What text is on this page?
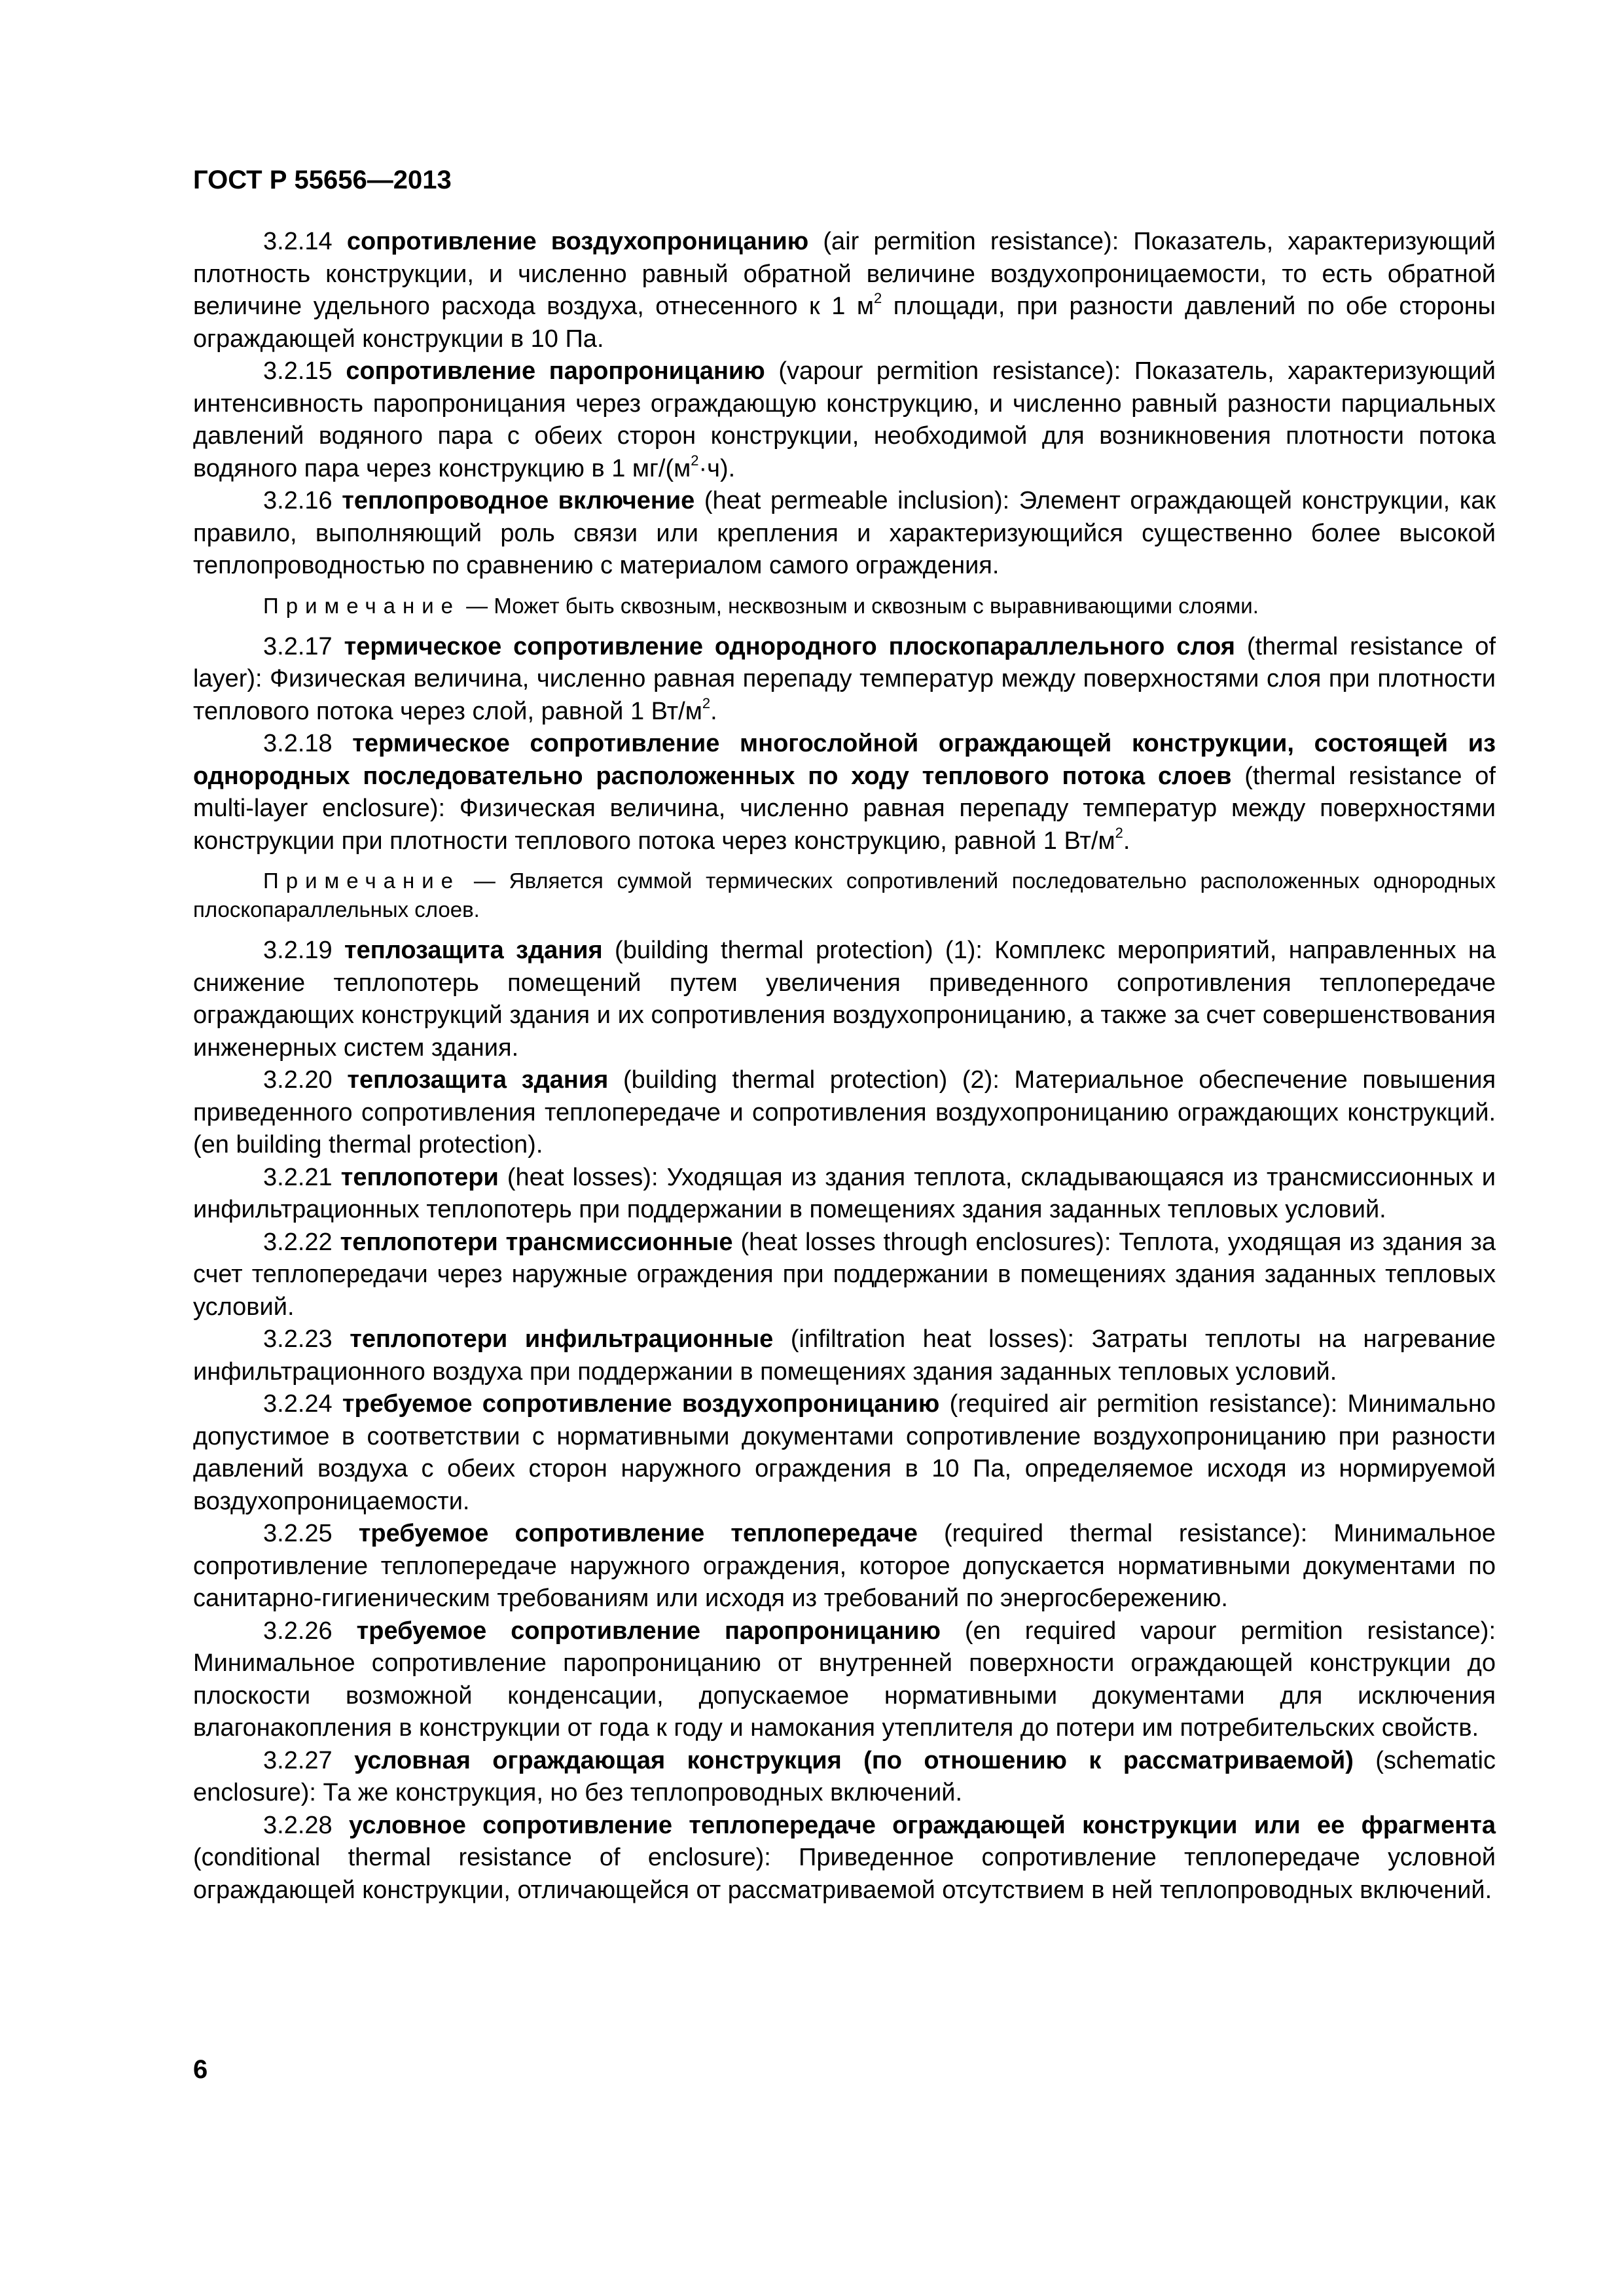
ГОСТ Р 55656—2013

3.2.14 сопротивление воздухопроницанию (air permition resistance): Показатель, характеризующий плотность конструкции, и численно равный обратной величине воздухопроницаемости, то есть обратной величине удельного расхода воздуха, отнесенного к 1 $м^2$ площади, при разности давлений по обе стороны ограждающей конструкции в 10 Па.

3.2.15 сопротивление паропроницанию (vapour permition resistance): Показатель, характеризующий интенсивность паропроницания через ограждающую конструкцию, и численно равный разности парциальных давлений водяного пара с обеих сторон конструкции, необходимой для возникновения плотности потока водяного пара через конструкцию в 1 $мг/(м^2\cdot ч)$.

3.2.16 теплопроводное включение (heat permeable inclusion): Элемент ограждающей конструкции, как правило, выполняющий роль связи или крепления и характеризующийся существенно более высокой теплопроводностью по сравнению с материалом самого ограждения.

Примечание — Может быть сквозным, несквозным и сквозным с выравнивающими слоями.

3.2.17 термическое сопротивление однородного плоскопараллельного слоя (thermal resistance of layer): Физическая величина, численно равная перепаду температур между поверхностями слоя при плотности теплового потока через слой, равной 1 $Вт/м^2$.

3.2.18 термическое сопротивление многослойной ограждающей конструкции, состоящей из однородных последовательно расположенных по ходу теплового потока слоев (thermal resistance of multi-layer enclosure): Физическая величина, численно равная перепаду температур между поверхностями конструкции при плотности теплового потока через конструкцию, равной 1 $Вт/м^2$.

Примечание — Является суммой термических сопротивлений последовательно расположенных однородных плоскопараллельных слоев.

3.2.19 теплозащита здания (building thermal protection) (1): Комплекс мероприятий, направленных на снижение теплопотерь помещений путем увеличения приведенного сопротивления теплопередаче ограждающих конструкций здания и их сопротивления воздухопроницанию, а также за счет совершенствования инженерных систем здания.

3.2.20 теплозащита здания (building thermal protection) (2): Материальное обеспечение повышения приведенного сопротивления теплопередаче и сопротивления воздухопроницанию ограждающих конструкций. (en building thermal protection).

3.2.21 теплопотери (heat losses): Уходящая из здания теплота, складывающаяся из трансмиссионных и инфильтрационных теплопотерь при поддержании в помещениях здания заданных тепловых условий.

3.2.22 теплопотери трансмиссионные (heat losses through enclosures): Теплота, уходящая из здания за счет теплопередачи через наружные ограждения при поддержании в помещениях здания заданных тепловых условий.

3.2.23 теплопотери инфильтрационные (infiltration heat losses): Затраты теплоты на нагревание инфильтрационного воздуха при поддержании в помещениях здания заданных тепловых условий.

3.2.24 требуемое сопротивление воздухопроницанию (required air permition resistance): Минимально допустимое в соответствии с нормативными документами сопротивление воздухопроницанию при разности давлений воздуха с обеих сторон наружного ограждения в 10 Па, определяемое исходя из нормируемой воздухопроницаемости.

3.2.25 требуемое сопротивление теплопередаче (required thermal resistance): Минимальное сопротивление теплопередаче наружного ограждения, которое допускается нормативными документами по санитарно-гигиеническим требованиям или исходя из требований по энергосбережению.

3.2.26 требуемое сопротивление паропроницанию (en required vapour permition resistance): Минимальное сопротивление паропроницанию от внутренней поверхности ограждающей конструкции до плоскости возможной конденсации, допускаемое нормативными документами для исключения влагонакопления в конструкции от года к году и намокания утеплителя до потери им потребительских свойств.

3.2.27 условная ограждающая конструкция (по отношению к рассматриваемой) (schematic enclosure): Та же конструкция, но без теплопроводных включений.

3.2.28 условное сопротивление теплопередаче ограждающей конструкции или ее фрагмента (conditional thermal resistance of enclosure): Приведенное сопротивление теплопередаче условной ограждающей конструкции, отличающейся от рассматриваемой отсутствием в ней теплопроводных включений.

6
